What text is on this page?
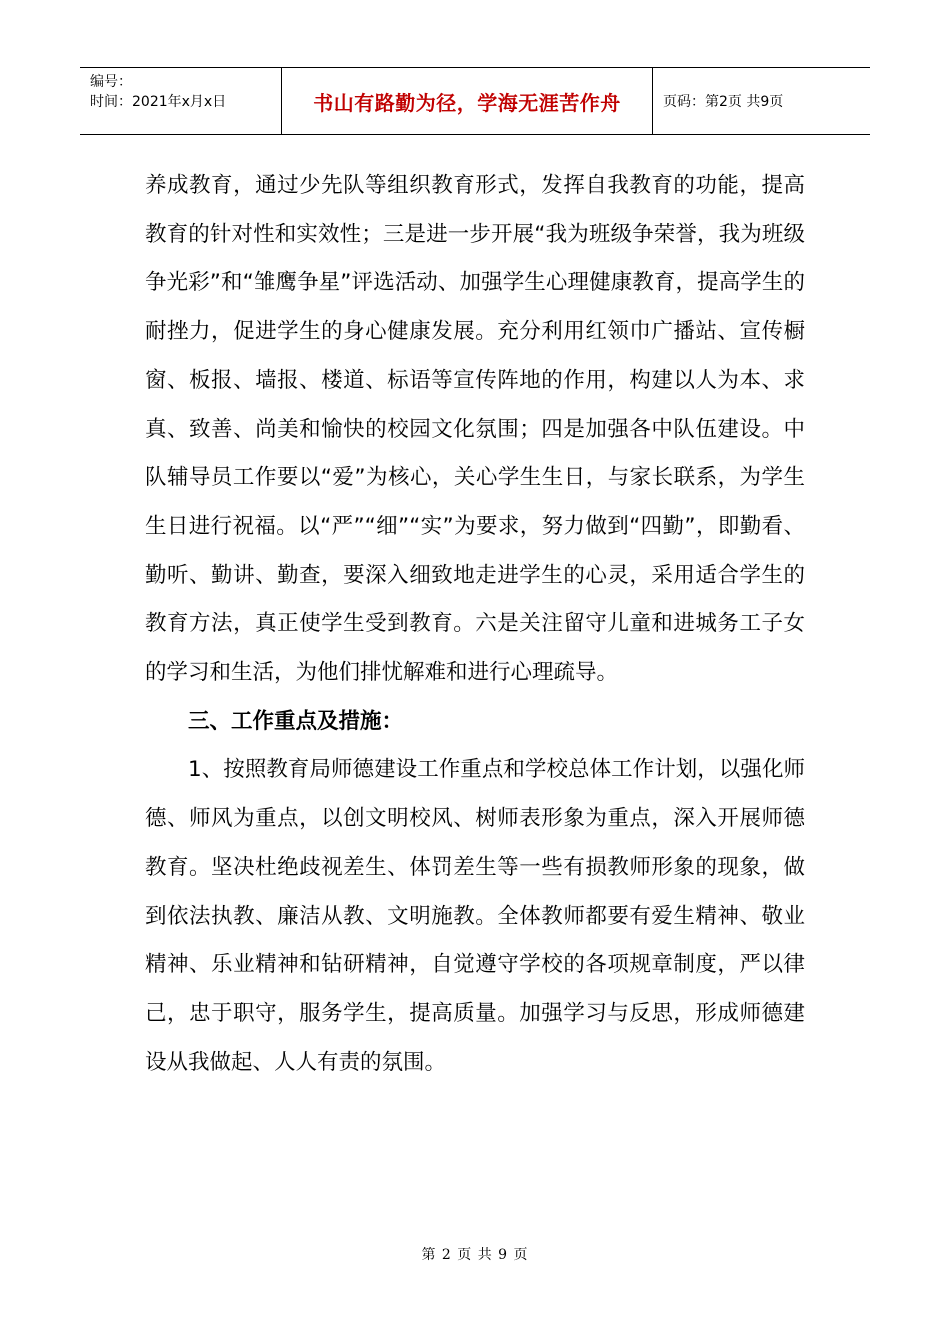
编号：
时间：2021年x月x日	书山有路勤为径，学海无涯苦作舟	页码：第2页 共9页

养成教育，通过少先队等组织教育形式，发挥自我教育的功能，提高教育的针对性和实效性；三是进一步开展“我为班级争荣誉，我为班级争光彩”和“雏鹰争星”评选活动、加强学生心理健康教育，提高学生的耐挫力，促进学生的身心健康发展。充分利用红领巾广播站、宣传橱窗、板报、墙报、楼道、标语等宣传阵地的作用，构建以人为本、求真、致善、尚美和愉快的校园文化氛围；四是加强各中队伍建设。中队辅导员工作要以“爱”为核心，关心学生生日，与家长联系，为学生生日进行祝福。以“严”“细”“实”为要求，努力做到“四勤”，即勤看、勤听、勤讲、勤查，要深入细致地走进学生的心灵，采用适合学生的教育方法，真正使学生受到教育。六是关注留守儿童和进城务工子女的学习和生活，为他们排忧解难和进行心理疏导。

三、工作重点及措施：

1、按照教育局师德建设工作重点和学校总体工作计划，以强化师德、师风为重点，以创文明校风、树师表形象为重点，深入开展师德教育。坚决杜绝歧视差生、体罚差生等一些有损教师形象的现象，做到依法执教、廉洁从教、文明施教。全体教师都要有爱生精神、敬业精神、乐业精神和钻研精神，自觉遵守学校的各项规章制度，严以律己，忠于职守，服务学生，提高质量。加强学习与反思，形成师德建设从我做起、人人有责的氛围。

第 2 页 共 9 页
